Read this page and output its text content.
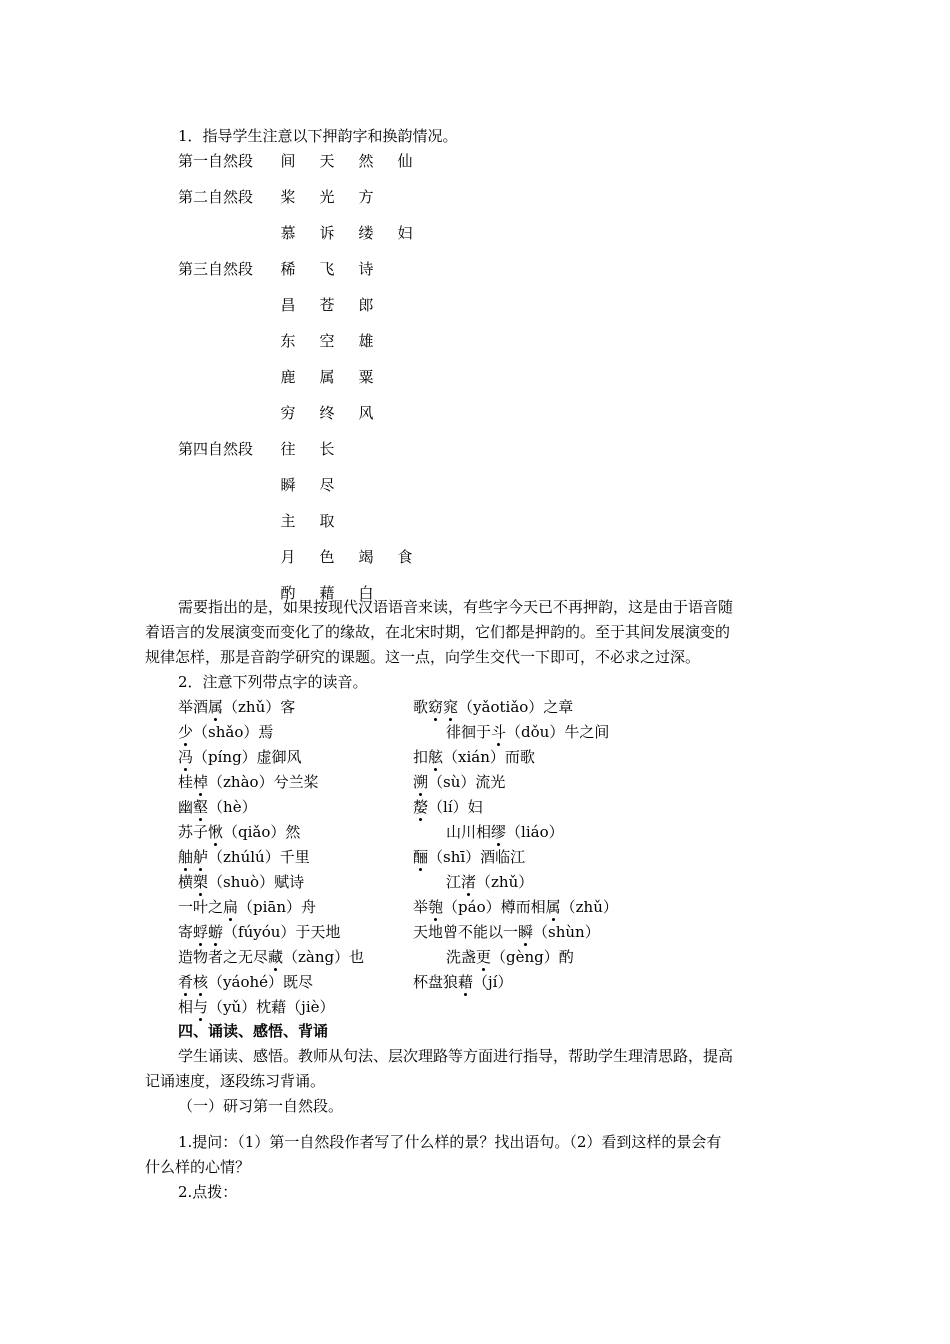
1．指导学生注意以下押韵字和换韵情况。
第一自然段 间 天 然 仙
第二自然段 桨 光 方
慕 诉 缕 妇
第三自然段 稀 飞 诗
昌 苍 郎
东 空 雄
鹿 属 粟
穷 终 风
第四自然段 往 长
瞬 尽
主 取
月 色 竭 食
酌 藉 白
需要指出的是，如果按现代汉语语音来读，有些字今天已不再押韵，这是由于语音随
着语言的发展演变而变化了的缘故，在北宋时期，它们都是押韵的。至于其间发展演变的
规律怎样，那是音韵学研究的课题。这一点，向学生交代一下即可，不必求之过深。
2．注意下列带点字的读音。
举酒属（zhǔ）客
少（shǎo）焉
冯（píng）虚御风
桂棹（zhào）兮兰桨
幽壑（hè）
苏子愀（qiǎo）然
舳舻（zhúlú）千里
横槊（shuò）赋诗
一叶之扁（piān）舟
寄蜉蝣（fúyóu）于天地
造物者之无尽藏（zàng）也
肴核（yáohé）既尽
相与（yǔ）枕藉（jiè）
歌窈窕（yǎotiǎo）之章
徘徊于斗（dǒu）牛之间
扣舷（xián）而歌
溯（sù）流光
嫠（lí）妇
山川相缪（liáo）
酾（shī）酒临江
江渚（zhǔ）
举匏（páo）樽而相属（zhǔ）
天地曾不能以一瞬（shùn）
洗盏更（gèng）酌
杯盘狼藉（jí）
四、诵读、感悟、背诵
学生诵读、感悟。教师从句法、层次理路等方面进行指导，帮助学生理清思路，提高
记诵速度，逐段练习背诵。
（一）研习第一自然段。
1.提问：（1）第一自然段作者写了什么样的景？找出语句。（2）看到这样的景会有
什么样的心情？
2.点拨：
